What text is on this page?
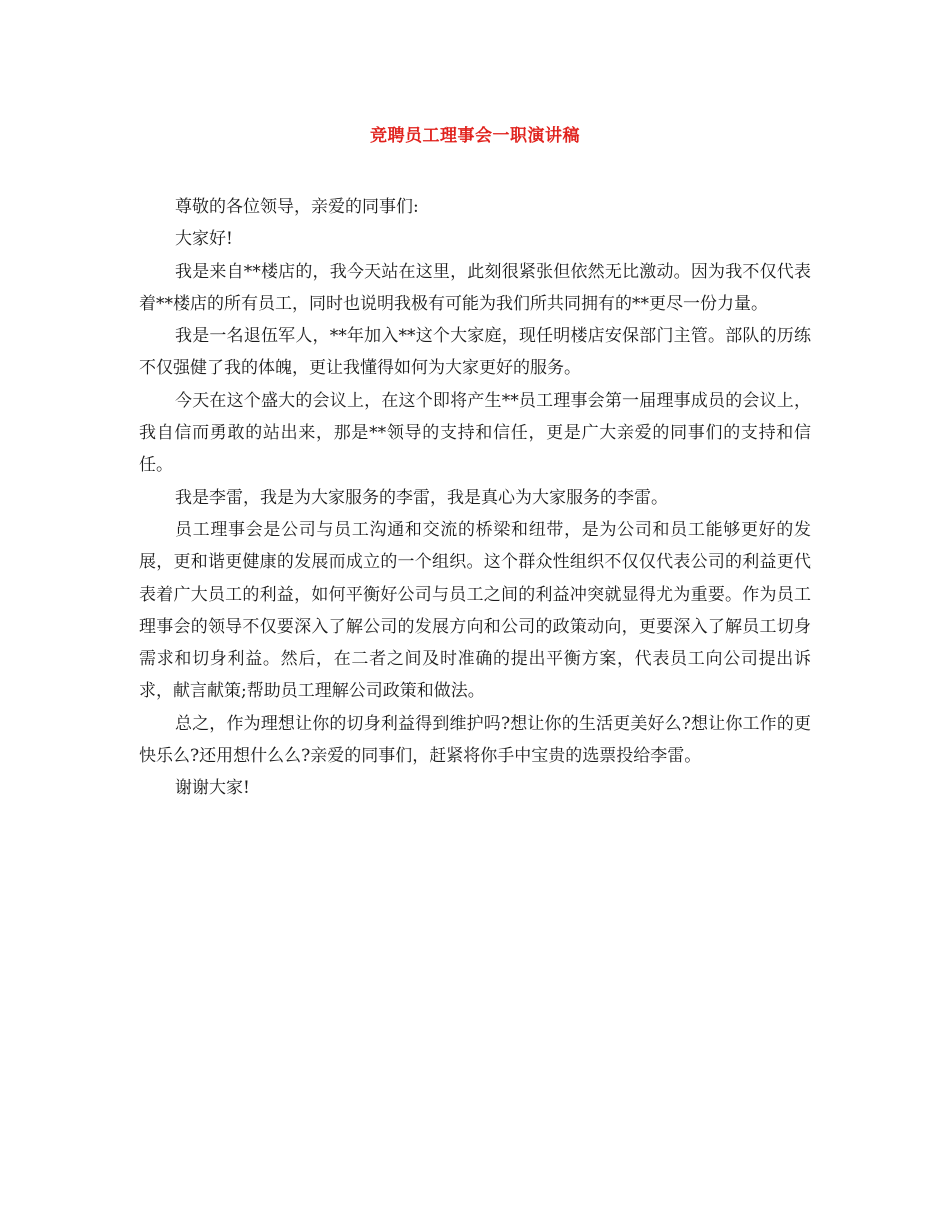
竞聘员工理事会一职演讲稿

尊敬的各位领导，亲爱的同事们:

大家好!

我是来自**楼店的，我今天站在这里，此刻很紧张但依然无比激动。因为我不仅代表着**楼店的所有员工，同时也说明我极有可能为我们所共同拥有的**更尽一份力量。

我是一名退伍军人，**年加入**这个大家庭，现任明楼店安保部门主管。部队的历练不仅强健了我的体魄，更让我懂得如何为大家更好的服务。

今天在这个盛大的会议上，在这个即将产生**员工理事会第一届理事成员的会议上，我自信而勇敢的站出来，那是**领导的支持和信任，更是广大亲爱的同事们的支持和信任。

我是李雷，我是为大家服务的李雷，我是真心为大家服务的李雷。

员工理事会是公司与员工沟通和交流的桥梁和纽带，是为公司和员工能够更好的发展，更和谐更健康的发展而成立的一个组织。这个群众性组织不仅仅代表公司的利益更代表着广大员工的利益，如何平衡好公司与员工之间的利益冲突就显得尤为重要。作为员工理事会的领导不仅要深入了解公司的发展方向和公司的政策动向，更要深入了解员工切身需求和切身利益。然后，在二者之间及时准确的提出平衡方案，代表员工向公司提出诉求，献言献策;帮助员工理解公司政策和做法。

总之，作为理想让你的切身利益得到维护吗?想让你的生活更美好么?想让你工作的更快乐么?还用想什么么?亲爱的同事们，赶紧将你手中宝贵的选票投给李雷。

谢谢大家!
